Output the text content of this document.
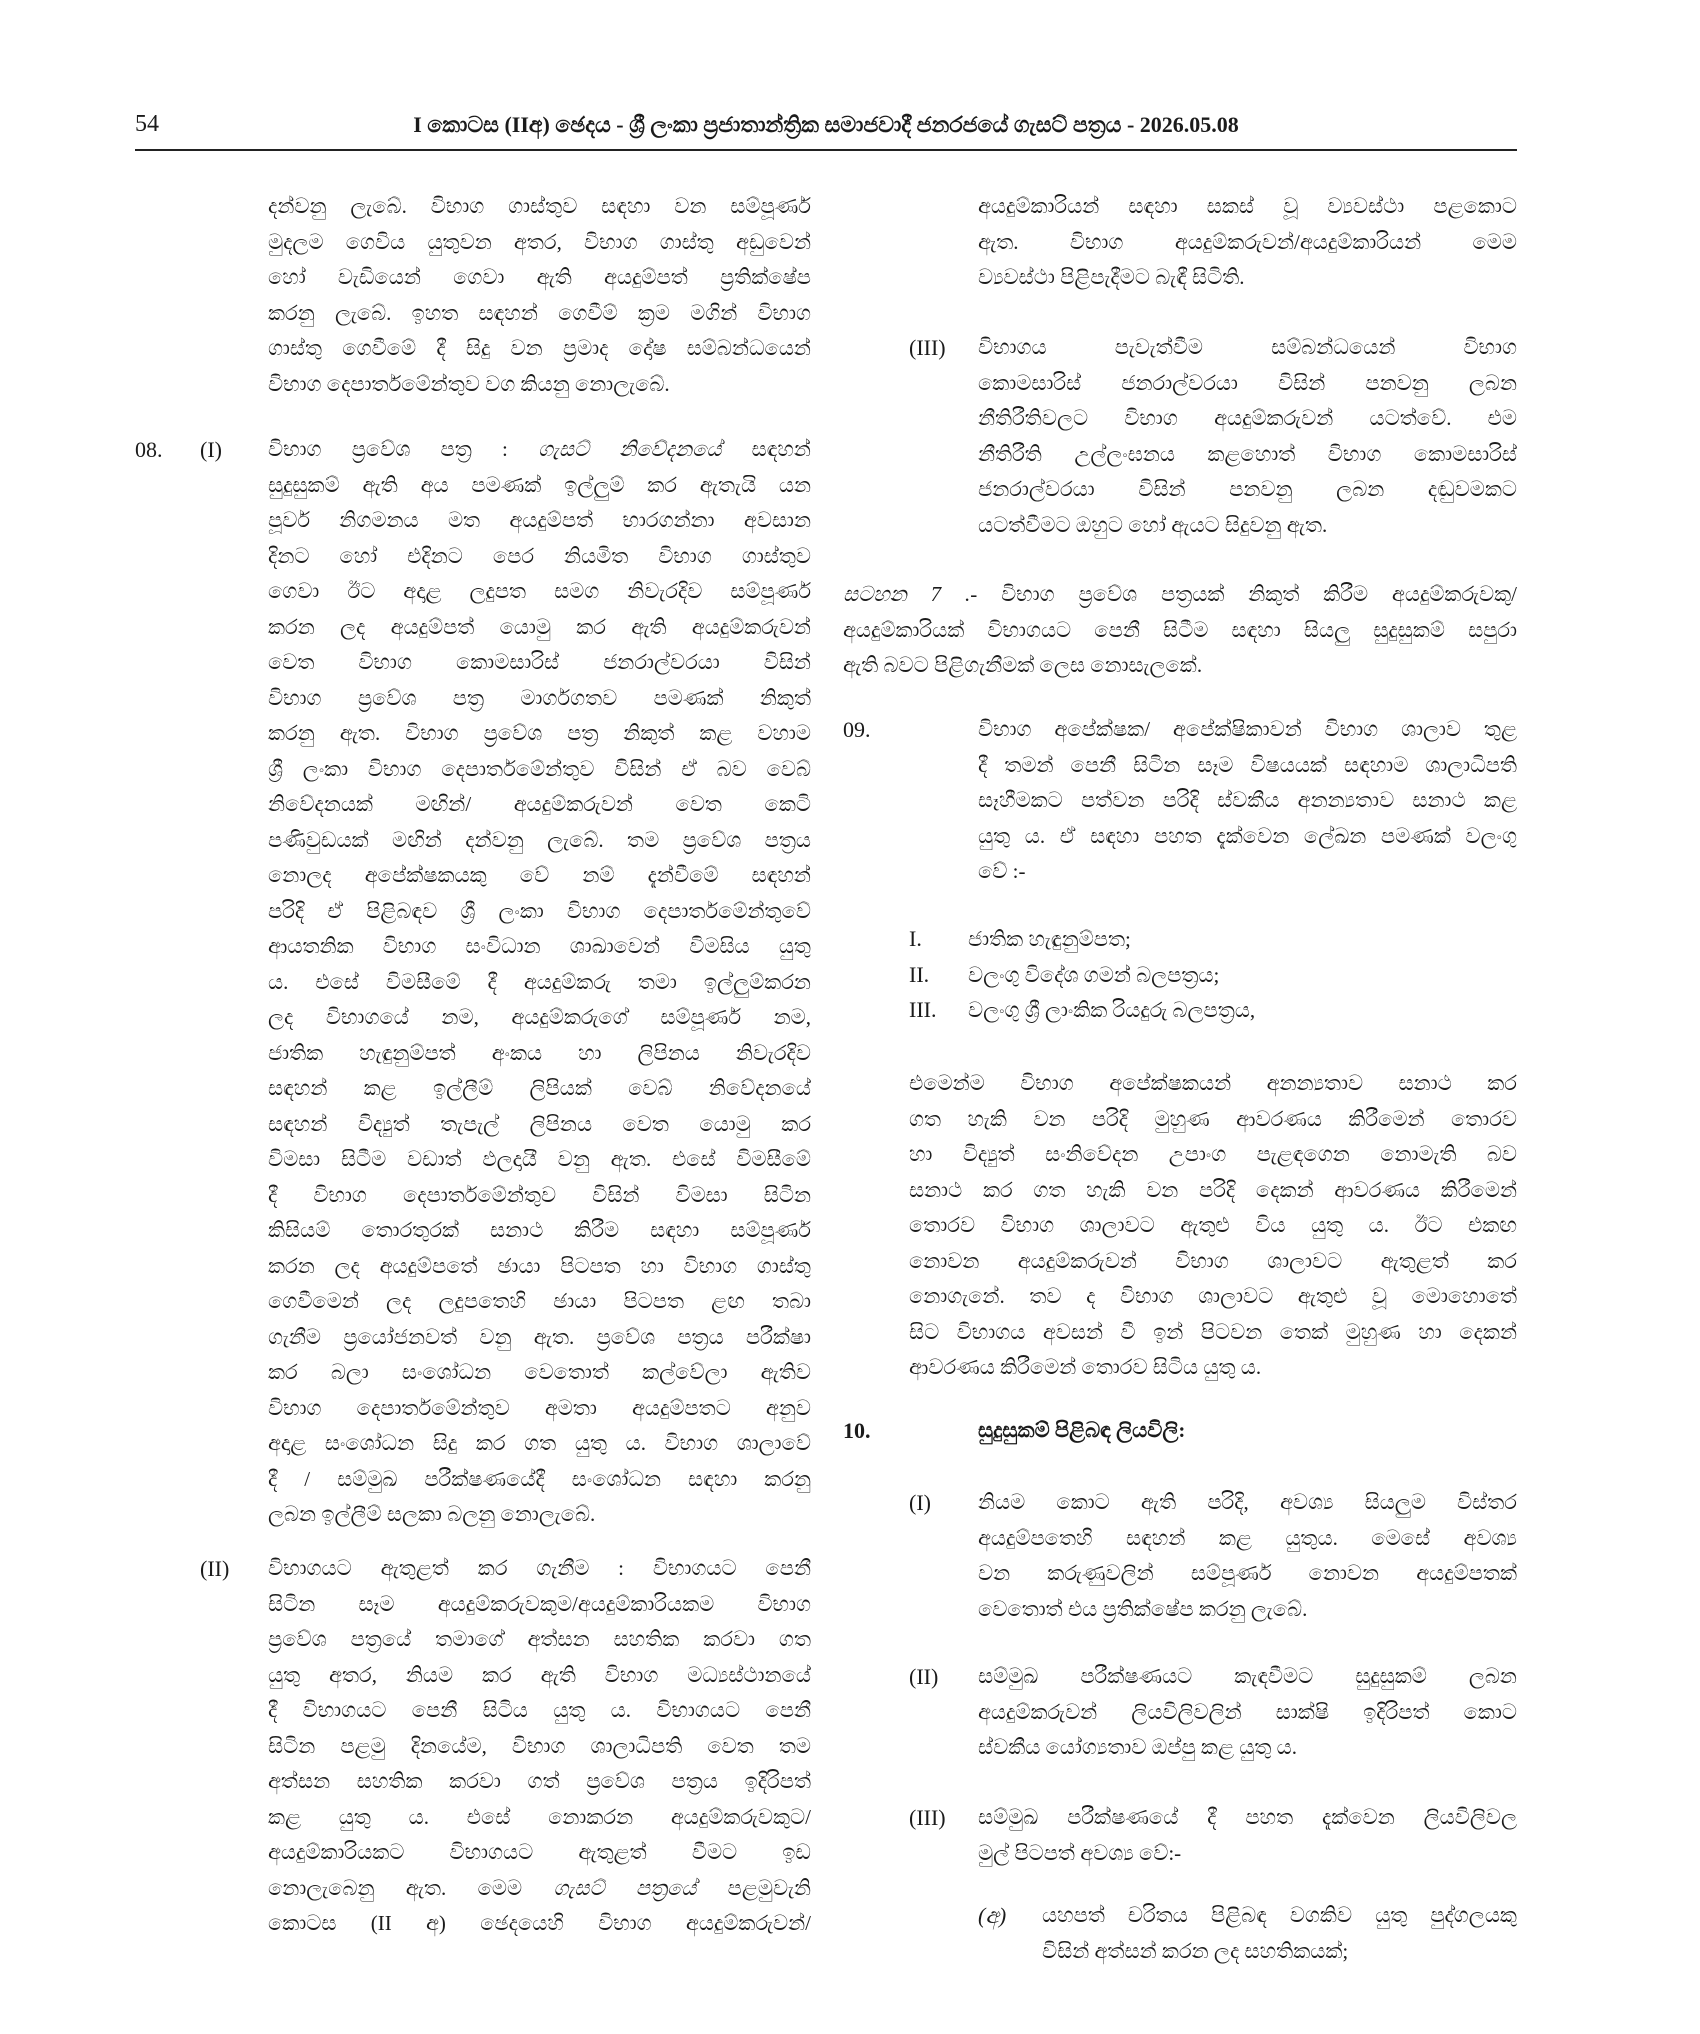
54	I කොටස (IIඅ) ඡෙදය - ශ්‍රී ලංකා ප්‍රජාතාන්ත්‍රික සමාජවාදී ජනරජයේ ගැසට් පත්‍රය - 2026.05.08
දන්වනු ලැබේ. විභාග ගාස්තුව සඳහා වන සම්පූර්ණ
මුදලම ගෙවිය යුතුවන අතර, විභාග ගාස්තු අඩුවෙන්
හෝ වැඩියෙන් ගෙවා ඇති අයදුම්පත් ප්‍රතික්ෂේප
කරනු ලැබේ. ඉහත සඳහන් ගෙවීම් ක්‍රම මගින් විභාග
ගාස්තු ගෙවීමේ දී සිදු වන ප්‍රමාද දෝෂ සම්බන්ධයෙන්
විභාග දෙපාර්තමේන්තුව වග කියනු නොලැබේ.
08. (I) විභාග ප්‍රවේශ පත්‍ර : ගැසට් නිවේදනයේ සඳහන්
සුදුසුකම් ඇති අය පමණක් ඉල්ලුම් කර ඇතැයි යන
පූර්ව නිගමනය මත අයදුම්පත් භාරගන්නා අවසාන
දිනට හෝ එදිනට පෙර නියමිත විභාග ගාස්තුව
ගෙවා ඊට අදාළ ලදුපත සමග නිවැරදිව සම්පූර්ණ
කරන ලද අයදුම්පත් යොමු කර ඇති අයදුම්කරුවන්
වෙත විභාග කොමසාරිස් ජනරාල්වරයා විසින්
විභාග ප්‍රවේශ පත්‍ර මාර්ගගතව පමණක් නිකුත්
කරනු ඇත. විභාග ප්‍රවේශ පත්‍ර නිකුත් කළ වහාම
ශ්‍රී ලංකා විභාග දෙපාර්තමේන්තුව විසින් ඒ බව වෙබ්
නිවේදනයක් මඟින්/ අයදුම්කරුවන් වෙත කෙටි
පණිවුඩයක් මඟින් දන්වනු ලැබේ. තම ප්‍රවේශ පත්‍රය
නොලද අපේක්ෂකයකු වේ නම් දැන්වීමේ සඳහන්
පරිදි ඒ පිළිබඳව ශ්‍රී ලංකා විභාග දෙපාර්තමේන්තුවේ
ආයතනික විභාග සංවිධාන ශාඛාවෙන් විමසිය යුතු
ය. එසේ විමසීමේ දී අයදුම්කරු තමා ඉල්ලුම්කරන
ලද විභාගයේ නම, අයදුම්කරුගේ සම්පූර්ණ නම,
ජාතික හැඳුනුම්පත් අංකය හා ලිපිනය නිවැරදිව
සඳහන් කළ ඉල්ලීම් ලිපියක් වෙබ් නිවේදනයේ
සඳහන් විද්‍යුත් තැපැල් ලිපිනය වෙත යොමු කර
විමසා සිටීම වඩාත් ඵලදායී වනු ඇත. එසේ විමසීමේ
දී විභාග දෙපාර්තමේන්තුව විසින් විමසා සිටින
කිසියම් තොරතුරක් සනාථ කිරීම සඳහා සම්පූර්ණ
කරන ලද අයදුම්පතේ ඡායා පිටපත හා විභාග ගාස්තු
ගෙවීමෙන් ලද ලදුපතෙහි ඡායා පිටපත ළඟ තබා
ගැනීම ප්‍රයෝජනවත් වනු ඇත. ප්‍රවේශ පත්‍රය පරීක්ෂා
කර බලා සංශෝධන වෙතොත් කල්වේලා ඇතිව
විභාග දෙපාර්තමේන්තුව අමතා අයදුම්පතට අනුව
අදාළ සංශෝධන සිදු කර ගත යුතු ය. විභාග ශාලාවේ
දී / සම්මුඛ පරීක්ෂණයේදී සංශෝධන සඳහා කරනු
ලබන ඉල්ලීම් සලකා බලනු නොලැබේ.
(II) විභාගයට ඇතුළත් කර ගැනීම : විභාගයට පෙනී
සිටින සෑම අයදුම්කරුවකුම/අයදුම්කාරියකම විභාග
ප්‍රවේශ පත්‍රයේ තමාගේ අත්සන සහතික කරවා ගත
යුතු අතර, නියම කර ඇති විභාග මධ්‍යස්ථානයේ
දී විභාගයට පෙනී සිටිය යුතු ය. විභාගයට පෙනී
සිටින පළමු දිනයේම, විභාග ශාලාධිපති වෙත තම
අත්සන සහතික කරවා ගත් ප්‍රවේශ පත්‍රය ඉදිරිපත්
කළ යුතු ය. එසේ නොකරන අයදුම්කරුවකුට/
අයදුම්කාරියකට විභාගයට ඇතුළත් වීමට ඉඩ
නොලැබෙනු ඇත. මෙම ගැසට් පත්‍රයේ පළමුවැනි
කොටස (II අ) ඡෙදයෙහි විභාග අයදුම්කරුවන්/
අයදුම්කාරියන් සඳහා සකස් වූ ව්‍යවස්ථා පළකොට
ඇත. විභාග අයදුම්කරුවන්/අයදුම්කාරියන් මෙම
ව්‍යවස්ථා පිළිපැදීමට බැඳී සිටිති.
(III) විභාගය පැවැත්වීම සම්බන්ධයෙන් විභාග
කොමසාරිස් ජනරාල්වරයා විසින් පනවනු ලබන
නීතිරීතිවලට විභාග අයදුම්කරුවන් යටත්වේ. එම
නීතිරීති උල්ලංඝනය කළහොත් විභාග කොමසාරිස්
ජනරාල්වරයා විසින් පනවනු ලබන දඬුවමකට
යටත්වීමට ඔහුට හෝ ඇයට සිදුවනු ඇත.
සටහන 7 .- විභාග ප්‍රවේශ පත්‍රයක් නිකුත් කිරීම අයදුම්කරුවකු/
අයදුම්කාරියක් විභාගයට පෙනී සිටීම සඳහා සියලු සුදුසුකම් සපුරා
ඇති බවට පිළිගැනීමක් ලෙස නොසැලකේ.
09.	විභාග අපේක්ෂක/ අපේක්ෂිකාවන් විභාග ශාලාව තුළ
දී තමන් පෙනී සිටින සෑම විෂයයක් සඳහාම ශාලාධිපති
සෑහීමකට පත්වන පරිදි ස්වකීය අනන්‍යතාව සනාථ කළ
යුතු ය. ඒ සඳහා පහත දැක්වෙන ලේඛන පමණක් වලංගු
වේ :-
I. ජාතික හැඳුනුම්පත;
II. වලංගු විදේශ ගමන් බලපත්‍රය;
III. වලංගු ශ්‍රී ලාංකික රියදුරු බලපත්‍රය,
එමෙන්ම විභාග අපේක්ෂකයන් අනන්‍යතාව සනාථ කර
ගත හැකි වන පරිදි මුහුණ ආවරණය කිරීමෙන් තොරව
හා විද්‍යුත් සංනිවේදන උපාංග පැළඳගෙන නොමැති බව
සනාථ කර ගත හැකි වන පරිදි දෙකන් ආවරණය කිරීමෙන්
තොරව විභාග ශාලාවට ඇතුළු විය යුතු ය. ඊට එකඟ
නොවන අයදුම්කරුවන් විභාග ශාලාවට ඇතුළත් කර
නොගැනේ. තව ද විභාග ශාලාවට ඇතුළු වූ මොහොතේ
සිට විභාගය අවසන් වී ඉන් පිටවන තෙක් මුහුණ හා දෙකන්
ආවරණය කිරීමෙන් තොරව සිටිය යුතු ය.
10.	සුදුසුකම් පිළිබඳ ලියවිලි:
(I) නියම කොට ඇති පරිදි, අවශ්‍ය සියලුම විස්තර
අයදුම්පතෙහි සඳහන් කළ යුතුය. මෙසේ අවශ්‍ය
වන කරුණුවලින් සම්පූර්ණ නොවන අයදුම්පතක්
වෙතොත් එය ප්‍රතික්ෂේප කරනු ලැබේ.
(II) සම්මුඛ පරීක්ෂණයට කැඳවීමට සුදුසුකම් ලබන
අයදුම්කරුවන් ලියවිලිවලින් සාක්ෂි ඉදිරිපත් කොට
ස්වකීය යෝග්‍යතාව ඔප්පු කළ යුතු ය.
(III) සම්මුඛ පරීක්ෂණයේ දී පහත දැක්වෙන ලියවිලිවල
මුල් පිටපත් අවශ්‍ය වේ:-
(අ) යහපත් චරිතය පිළිබඳ වගකිව යුතු පුද්ගලයකු
විසින් අත්සන් කරන ලද සහතිකයක්;
